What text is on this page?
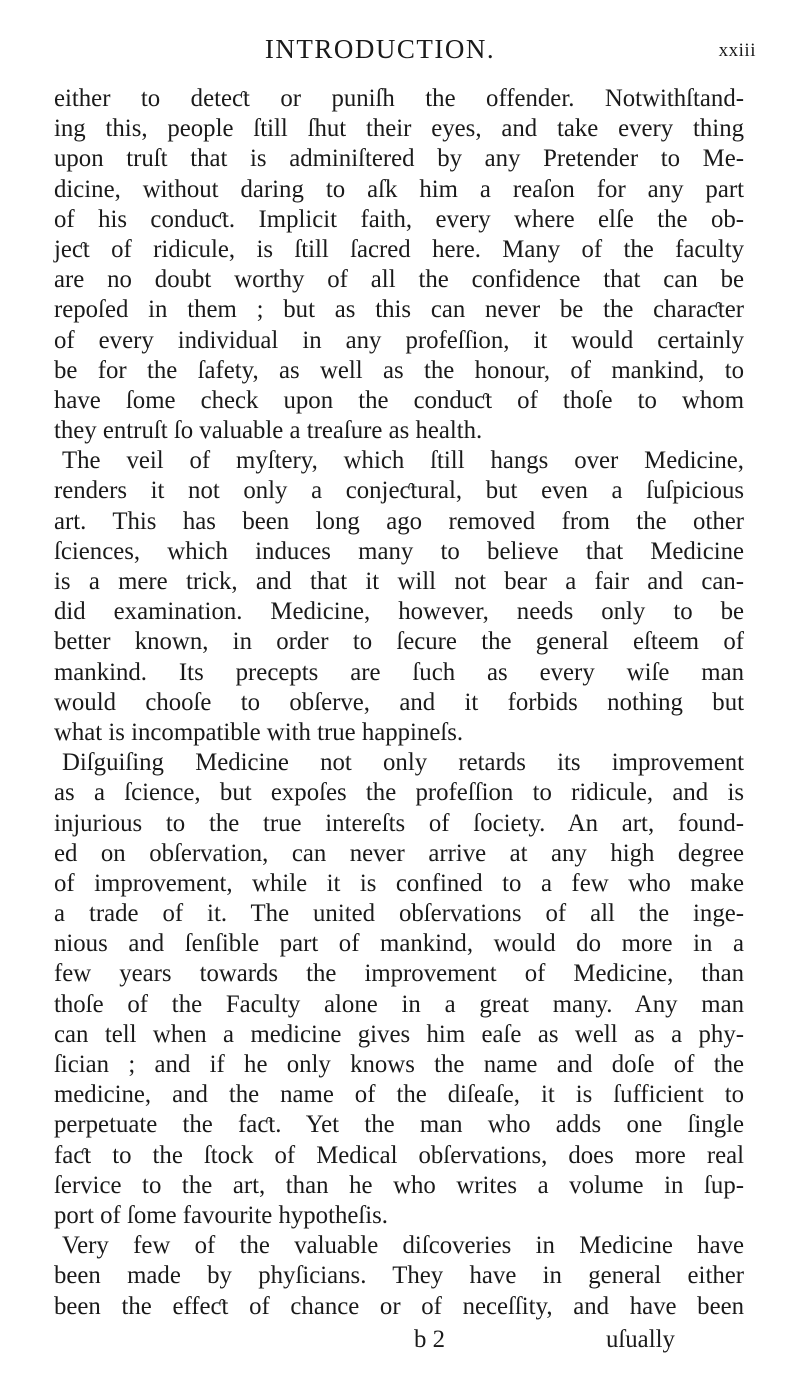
INTRODUCTION.	xxiii
either to deteƈt or puniſh the offender. Notwithſtand-
ing this, people ſtill ſhut their eyes, and take every thing
upon truſt that is adminiſtered by any Pretender to Me-
dicine, without daring to aſk him a reaſon for any part
of his conduƈt. Implicit faith, every where elſe the ob-
jeƈt of ridicule, is ſtill ſacred here. Many of the faculty
are no doubt worthy of all the confidence that can be
repoſed in them ; but as this can never be the charaƈter
of every individual in any profeſſion, it would certainly
be for the ſafety, as well as the honour, of mankind, to
have ſome check upon the conduƈt of thoſe to whom
they entruſt ſo valuable a treaſure as health.
The veil of myſtery, which ſtill hangs over Medicine,
renders it not only a conjeƈtural, but even a ſuſpicious
art. This has been long ago removed from the other
ſciences, which induces many to believe that Medicine
is a mere trick, and that it will not bear a fair and can-
did examination. Medicine, however, needs only to be
better known, in order to ſecure the general eſteem of
mankind. Its precepts are ſuch as every wiſe man
would chooſe to obſerve, and it forbids nothing but
what is incompatible with true happineſs.
Diſguiſing Medicine not only retards its improvement
as a ſcience, but expoſes the profeſſion to ridicule, and is
injurious to the true intereſts of ſociety. An art, found-
ed on obſervation, can never arrive at any high degree
of improvement, while it is confined to a few who make
a trade of it. The united obſervations of all the inge-
nious and ſenſible part of mankind, would do more in a
few years towards the improvement of Medicine, than
thoſe of the Faculty alone in a great many. Any man
can tell when a medicine gives him eaſe as well as a phy-
ſician ; and if he only knows the name and doſe of the
medicine, and the name of the diſeaſe, it is ſufficient to
perpetuate the faƈt. Yet the man who adds one ſingle
faƈt to the ſtock of Medical obſervations, does more real
ſervice to the art, than he who writes a volume in ſup-
port of ſome favourite hypotheſis.
Very few of the valuable diſcoveries in Medicine have
been made by phyſicians. They have in general either
been the effeƈt of chance or of neceſſity, and have been
b 2	uſually
